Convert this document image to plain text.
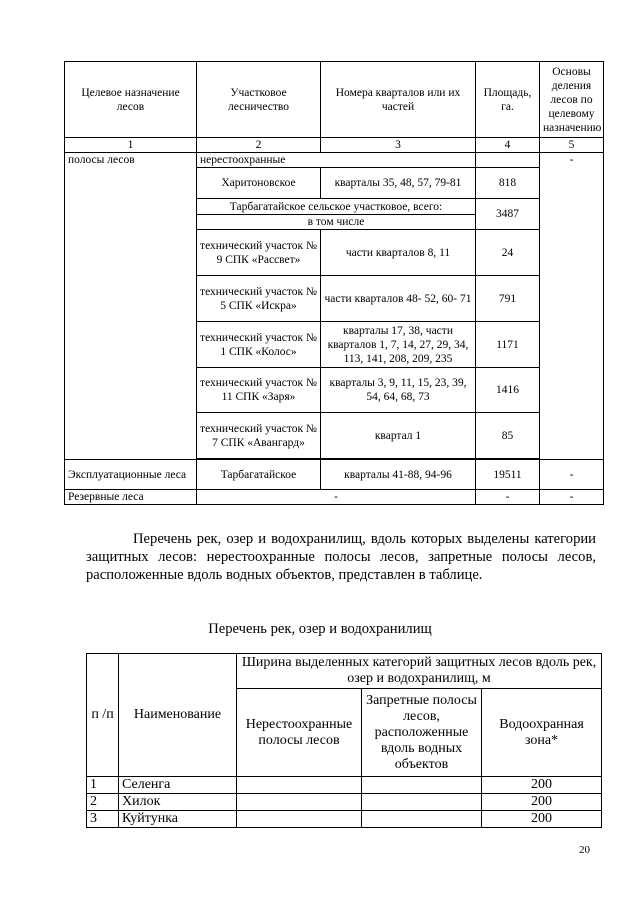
Целевое назначение лесов	Участковое лесничество	Номера кварталов или их частей	Площадь, га.	Основы деления лесов по целевому назначению
1	2	3	4	5
полосы лесов	нерестоохранные			-
	Харитоновское	кварталы 35, 48, 57, 79-81	818	
	Тарбагатайское сельское участковое, всего:		3487	
	в том числе			
	технический участок № 9 СПК «Рассвет»	части кварталов 8, 11	24	
	технический участок № 5 СПК «Искра»	части кварталов 48- 52, 60- 71	791	
	технический участок № 1 СПК «Колос»	кварталы 17, 38, части кварталов 1, 7, 14, 27, 29, 34, 113, 141, 208, 209, 235	1171	
	технический участок № 11 СПК «Заря»	кварталы 3, 9, 11, 15, 23, 39, 54, 64, 68, 73	1416	
	технический участок № 7 СПК «Авангард»	квартал 1	85	

Эксплуатационные леса	Тарбагатайское	кварталы 41-88, 94-96	19511	-
Резервные леса	-		-	-

Перечень рек, озер и водохранилищ, вдоль которых выделены категории защитных лесов: нерестоохранные полосы лесов, запретные полосы лесов, расположенные вдоль водных объектов, представлен в таблице.

Перечень рек, озер и водохранилищ
п /п	Наименование	Ширина выделенных категорий защитных лесов вдоль рек, озер и водохранилищ, м		
		Нерестоохранные полосы лесов	Запретные полосы лесов, расположенные вдоль водных объектов	Водоохранная зона*
1	Селенга			200
2	Хилок			200
3	Куйтунка			200
20
